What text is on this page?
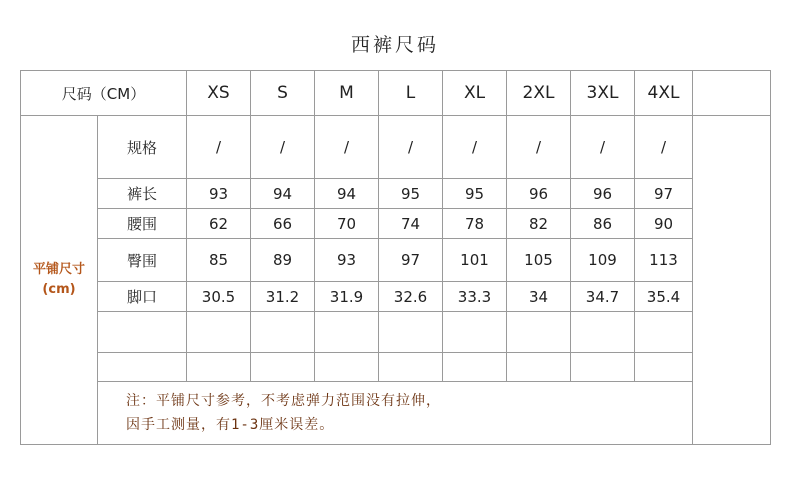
西裤尺码
尺码（CM）		XS	S	M	L	XL	2XL	3XL	4XL	

平铺尺寸
(cm)	规格	/	/	/	/	/	/	/	/	
	裤长	93	94	94	95	95	96	96	97	
	腰围	62	66	70	74	78	82	86	90	
	臀围	85	89	93	97	101	105	109	113	
	脚口	30.5	31.2	31.9	32.6	33.3	34	34.7	35.4	

	注：平铺尺寸参考，不考虑弹力范围没有拉伸，
因手工测量，有1-3厘米误差。									
